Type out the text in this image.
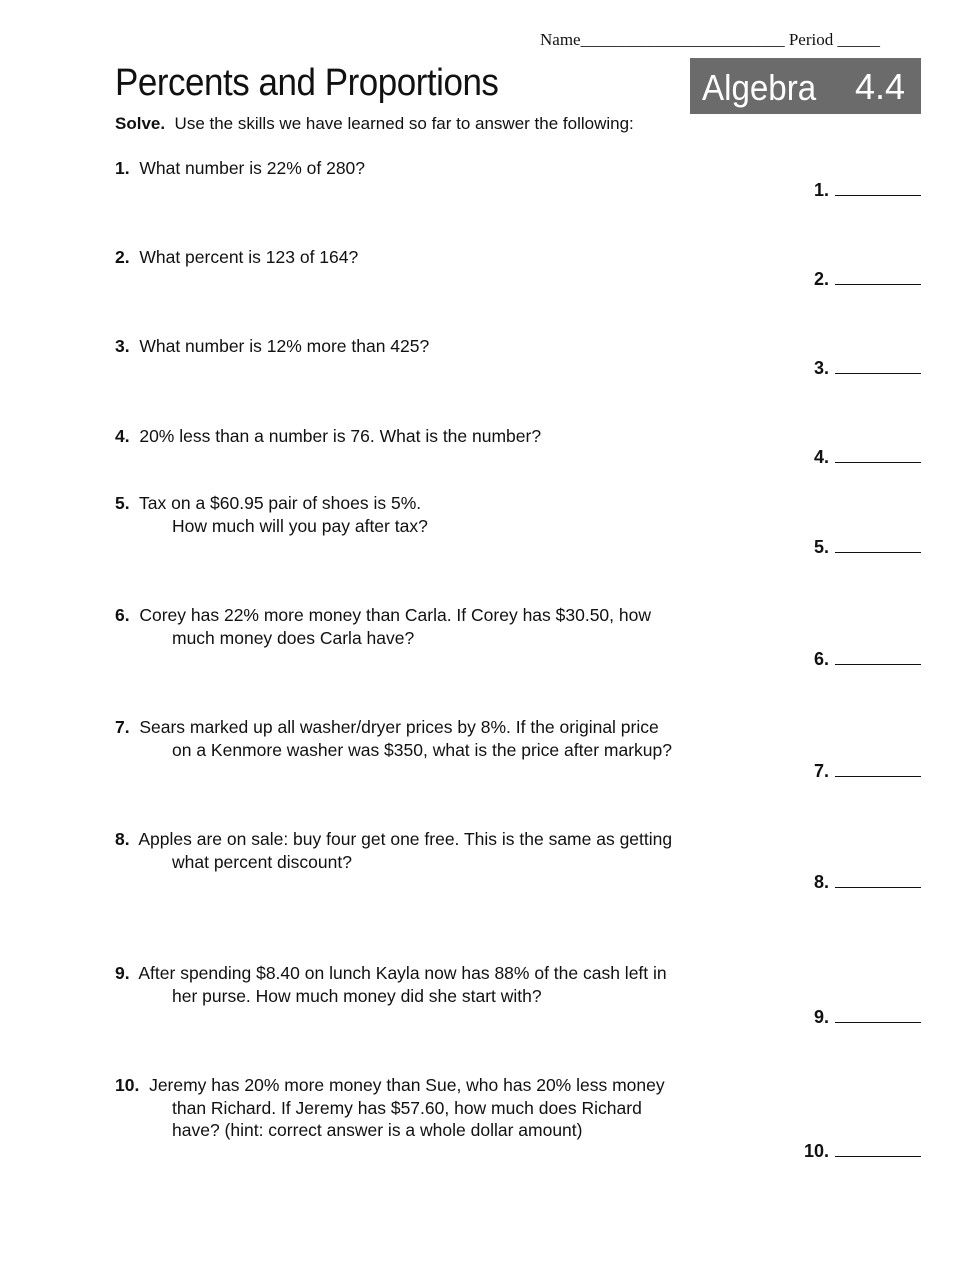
Name________________________ Period _____
Percents and Proportions	Algebra 4.4
Solve. Use the skills we have learned so far to answer the following:
1. What number is 22% of 280?
1.
2. What percent is 123 of 164?
2.
3. What number is 12% more than 425?
3.
4. 20% less than a number is 76. What is the number?
4.
5. Tax on a $60.95 pair of shoes is 5%.
How much will you pay after tax?
5.
6. Corey has 22% more money than Carla. If Corey has $30.50, how
much money does Carla have?
6.
7. Sears marked up all washer/dryer prices by 8%. If the original price
on a Kenmore washer was $350, what is the price after markup?
7.
8. Apples are on sale: buy four get one free. This is the same as getting
what percent discount?
8.
9. After spending $8.40 on lunch Kayla now has 88% of the cash left in
her purse. How much money did she start with?
9.
10. Jeremy has 20% more money than Sue, who has 20% less money
than Richard. If Jeremy has $57.60, how much does Richard
have? (hint: correct answer is a whole dollar amount)
10.
